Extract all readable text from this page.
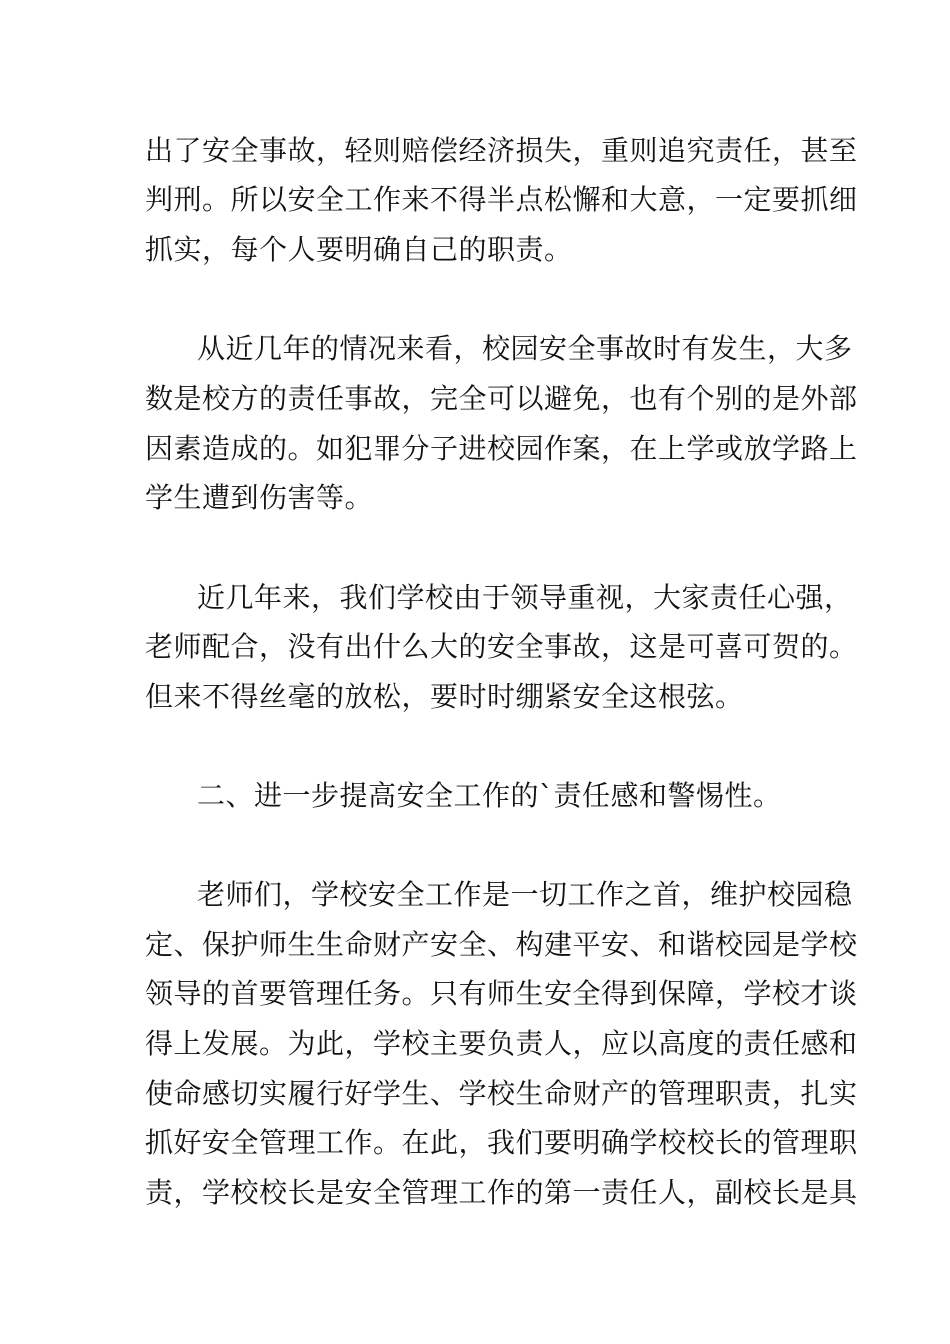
出了安全事故，轻则赔偿经济损失，重则追究责任，甚至

判刑。所以安全工作来不得半点松懈和大意，一定要抓细

抓实，每个人要明确自己的职责。

从近几年的情况来看，校园安全事故时有发生，大多

数是校方的责任事故，完全可以避免，也有个别的是外部

因素造成的。如犯罪分子进校园作案，在上学或放学路上

学生遭到伤害等。

近几年来，我们学校由于领导重视，大家责任心强，

老师配合，没有出什么大的安全事故，这是可喜可贺的。

但来不得丝毫的放松，要时时绷紧安全这根弦。

二、进一步提高安全工作的`责任感和警惕性。

老师们，学校安全工作是一切工作之首，维护校园稳

定、保护师生生命财产安全、构建平安、和谐校园是学校

领导的首要管理任务。只有师生安全得到保障，学校才谈

得上发展。为此，学校主要负责人，应以高度的责任感和

使命感切实履行好学生、学校生命财产的管理职责，扎实

抓好安全管理工作。在此，我们要明确学校校长的管理职

责，学校校长是安全管理工作的第一责任人，副校长是具
